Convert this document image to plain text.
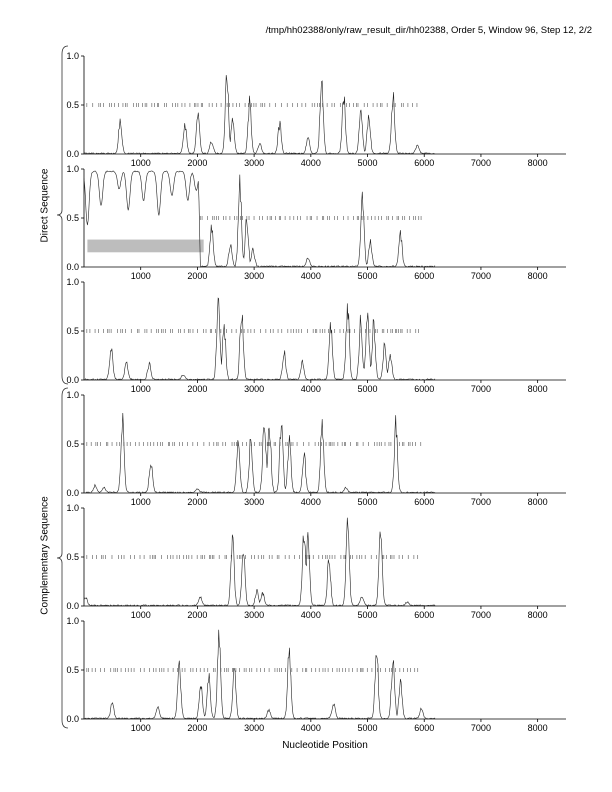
/tmp/hh02388/only/raw_result_dir/hh02388, Order 5, Window 96, Step 12, 2/2
0.0
0.5
1.0
1000	2000	3000	4000	5000	6000	7000	8000
0.0
0.5
1.0
1000	2000	3000	4000	5000	6000	7000	8000
0.0
0.5
1.0
1000	2000	3000	4000	5000	6000	7000	8000
0.0
0.5
1.0
1000	2000	3000	4000	5000	6000	7000	8000
0.0
0.5
1.0
1000	2000	3000	4000	5000	6000	7000	8000
0.0
0.5
1.0
1000	2000	3000	4000	5000	6000	7000	8000
Direct Sequence
Complementary Sequence
Nucleotide Position
